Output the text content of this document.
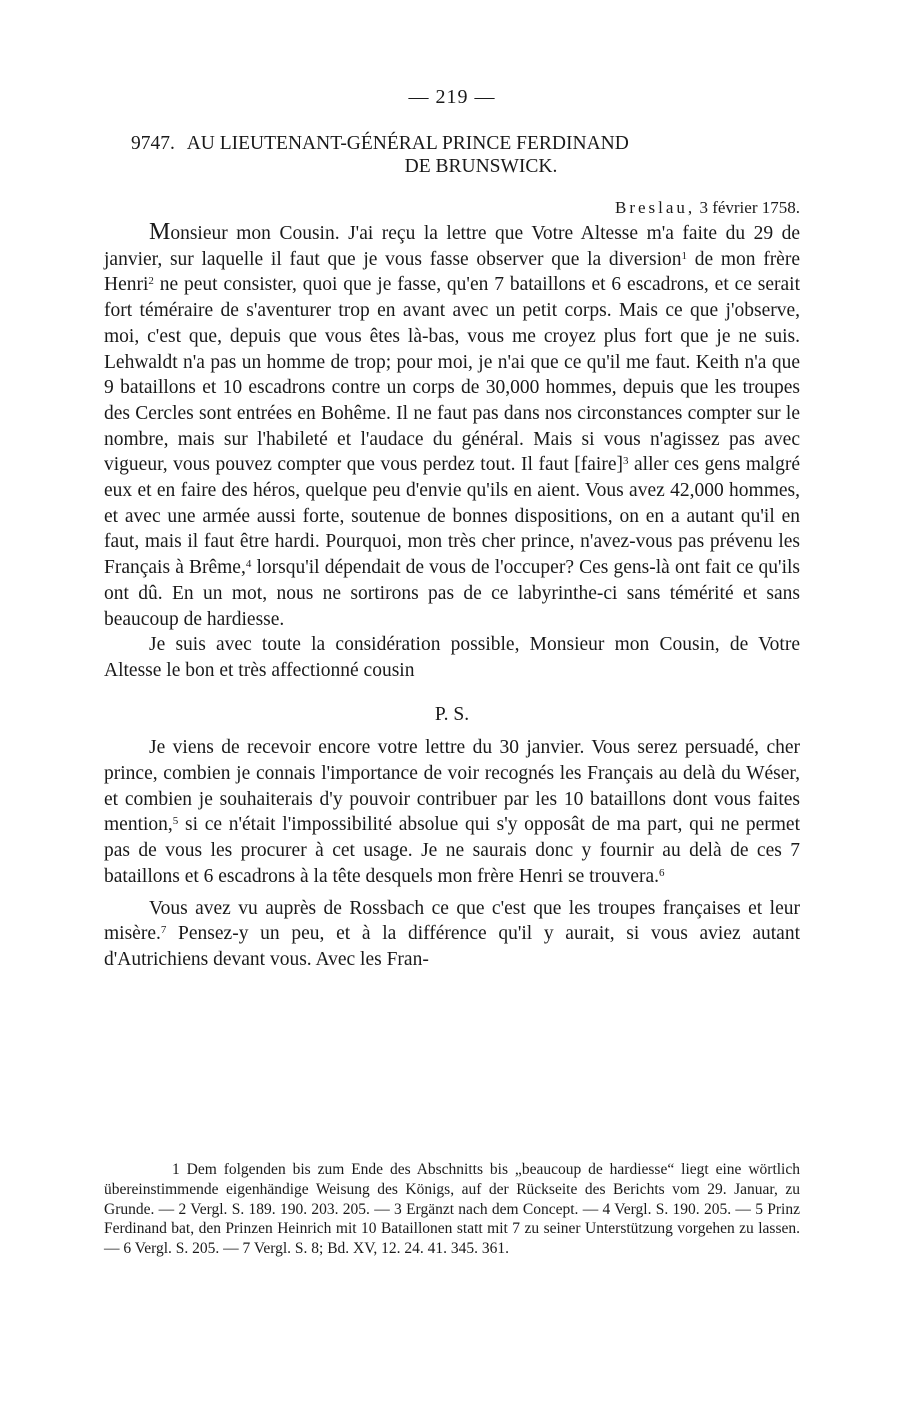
— 219 —
9747. AU LIEUTENANT-GÉNÉRAL PRINCE FERDINAND
DE BRUNSWICK.
Breslau, 3 février 1758.

Monsieur mon Cousin. J'ai reçu la lettre que Votre Altesse m'a faite du 29 de janvier, sur laquelle il faut que je vous fasse observer que la diversion$^1$ de mon frère Henri$^2$ ne peut consister, quoi que je fasse, qu'en 7 bataillons et 6 escadrons, et ce serait fort téméraire de s'aventurer trop en avant avec un petit corps. Mais ce que j'observe, moi, c'est que, depuis que vous êtes là-bas, vous me croyez plus fort que je ne suis. Lehwaldt n'a pas un homme de trop; pour moi, je n'ai que ce qu'il me faut. Keith n'a que 9 bataillons et 10 escadrons contre un corps de 30,000 hommes, depuis que les troupes des Cercles sont entrées en Bohême. Il ne faut pas dans nos circonstances compter sur le nombre, mais sur l'habileté et l'audace du général. Mais si vous n'agissez pas avec vigueur, vous pouvez compter que vous perdez tout. Il faut [faire]$^3$ aller ces gens malgré eux et en faire des héros, quelque peu d'envie qu'ils en aient. Vous avez 42,000 hommes, et avec une armée aussi forte, soutenue de bonnes dispositions, on en a autant qu'il en faut, mais il faut être hardi. Pourquoi, mon très cher prince, n'avez-vous pas prévenu les Français à Brême,$^4$ lorsqu'il dépendait de vous de l'occuper? Ces gens-là ont fait ce qu'ils ont dû. En un mot, nous ne sortirons pas de ce labyrinthe-ci sans témérité et sans beaucoup de hardiesse.

Je suis avec toute la considération possible, Monsieur mon Cousin, de Votre Altesse le bon et très affectionné cousin

P. S.

Je viens de recevoir encore votre lettre du 30 janvier. Vous serez persuadé, cher prince, combien je connais l'importance de voir recognés les Français au delà du Wéser, et combien je souhaiterais d'y pouvoir contribuer par les 10 bataillons dont vous faites mention,$^5$ si ce n'était l'impossibilité absolue qui s'y opposât de ma part, qui ne permet pas de vous les procurer à cet usage. Je ne saurais donc y fournir au delà de ces 7 bataillons et 6 escadrons à la tête desquels mon frère Henri se trouvera.$^6$

Vous avez vu auprès de Rossbach ce que c'est que les troupes françaises et leur misère.$^7$ Pensez-y un peu, et à la différence qu'il y aurait, si vous aviez autant d'Autrichiens devant vous. Avec les Fran-

1 Dem folgenden bis zum Ende des Abschnitts bis „beaucoup de hardiesse“ liegt eine wörtlich übereinstimmende eigenhändige Weisung des Königs, auf der Rückseite des Berichts vom 29. Januar, zu Grunde. — 2 Vergl. S. 189. 190. 203. 205. — 3 Ergänzt nach dem Concept. — 4 Vergl. S. 190. 205. — 5 Prinz Ferdinand bat, den Prinzen Heinrich mit 10 Bataillonen statt mit 7 zu seiner Unterstützung vorgehen zu lassen. — 6 Vergl. S. 205. — 7 Vergl. S. 8; Bd. XV, 12. 24. 41. 345. 361.
